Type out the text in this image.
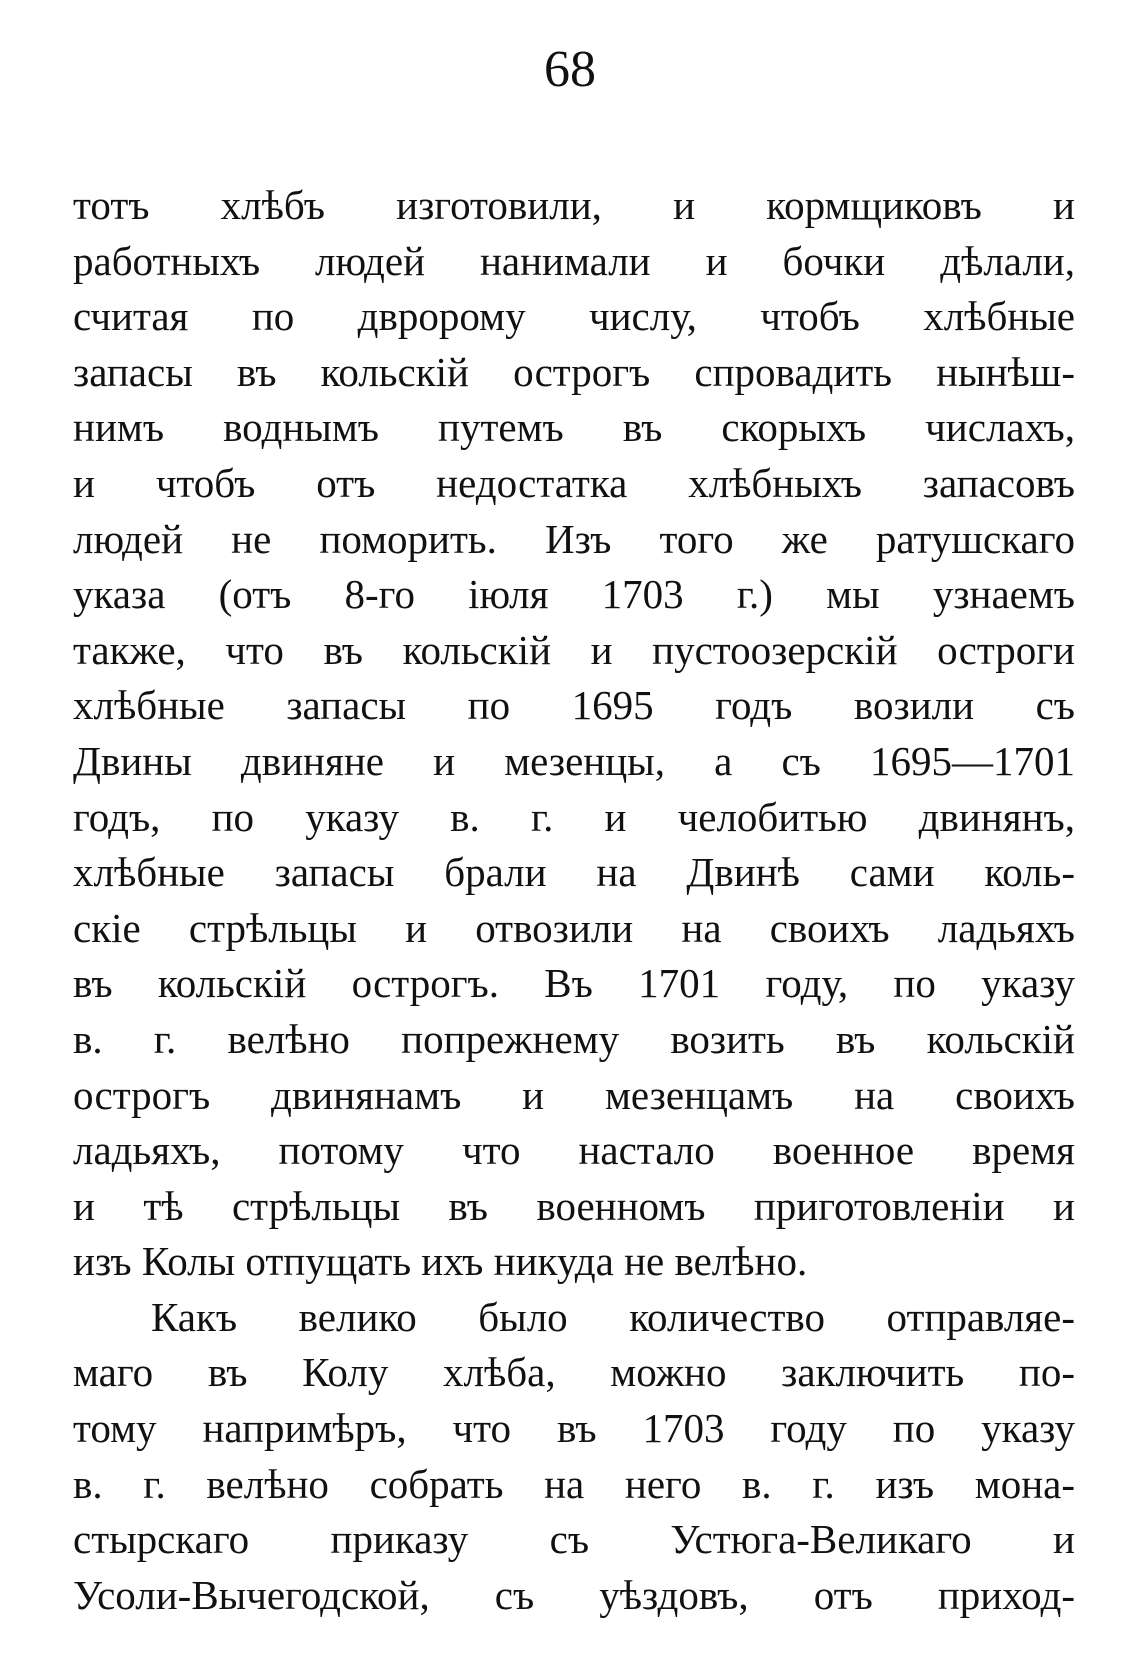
68
тотъ хлѣбъ изготовили, и кормщиковъ и
работныхъ людей нанимали и бочки дѣлали,
считая по двророму числу, чтобъ хлѣбные
запасы въ кольскій острогъ спровадить нынѣш-
нимъ воднымъ путемъ въ скорыхъ числахъ,
и чтобъ отъ недостатка хлѣбныхъ запасовъ
людей не поморить. Изъ того же ратушскаго
указа (отъ 8-го іюля 1703 г.) мы узнаемъ
также, что въ кольскій и пустоозерскій остроги
хлѣбные запасы по 1695 годъ возили съ
Двины двиняне и мезенцы, а съ 1695—1701
годъ, по указу в. г. и челобитью двинянъ,
хлѣбные запасы брали на Двинѣ сами коль-
скіе стрѣльцы и отвозили на своихъ ладьяхъ
въ кольскій острогъ. Въ 1701 году, по указу
в. г. велѣно попрежнему возить въ кольскій
острогъ двинянамъ и мезенцамъ на своихъ
ладьяхъ, потому что настало военное время
и тѣ стрѣльцы въ военномъ приготовленіи и
изъ Колы отпущать ихъ никуда не велѣно.
Какъ велико было количество отправляе-
маго въ Колу хлѣба, можно заключить по-
тому напримѣръ, что въ 1703 году по указу
в. г. велѣно собрать на него в. г. изъ мона-
стырскаго приказу съ Устюга-Великаго и
Усоли-Вычегодской, съ уѣздовъ, отъ приход-
